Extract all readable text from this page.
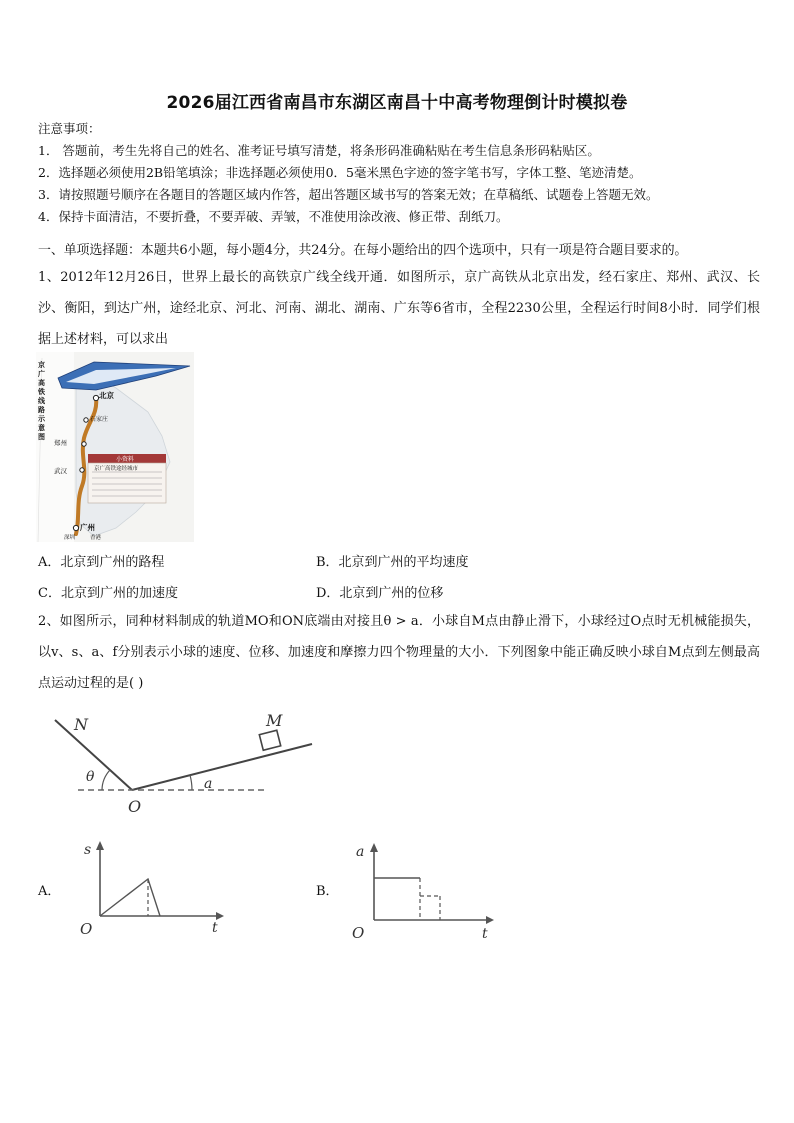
2026届江西省南昌市东湖区南昌十中高考物理倒计时模拟卷
注意事项：
1． 答题前，考生先将自己的姓名、准考证号填写清楚，将条形码准确粘贴在考生信息条形码粘贴区。
2．选择题必须使用2B铅笔填涂；非选择题必须使用0．5毫米黑色字迹的签字笔书写，字体工整、笔迹清楚。
3．请按照题号顺序在各题目的答题区域内作答，超出答题区域书写的答案无效；在草稿纸、试题卷上答题无效。
4．保持卡面清洁，不要折叠，不要弄破、弄皱，不准使用涂改液、修正带、刮纸刀。
一、单项选择题：本题共6小题，每小题4分，共24分。在每小题给出的四个选项中，只有一项是符合题目要求的。
1、2012年12月26日，世界上最长的高铁京广线全线开通．如图所示，京广高铁从北京出发，经石家庄、郑州、武汉、长沙、衡阳，到达广州，途经北京、河北、河南、湖北、湖南、广东等6省市，全程2230公里，全程运行时间8小时．同学们根据上述材料，可以求出
京广高铁线路示意图
北京
石家庄
郑州
武汉
广州
深圳	香港
小资料
京广高铁途经城市
A．北京到广州的路程	B．北京到广州的平均速度
C．北京到广州的加速度	D．北京到广州的位移
2、如图所示，同种材料制成的轨道MO和ON底端由对接且θ > a．小球自M点由静止滑下，小球经过O点时无机械能损失，以v、s、a、f分别表示小球的速度、位移、加速度和摩擦力四个物理量的大小．下列图象中能正确反映小球自M点到左侧最高点运动过程的是( )
N	M
O
θ	a
A．
s
t
O
B．
a
t
O
